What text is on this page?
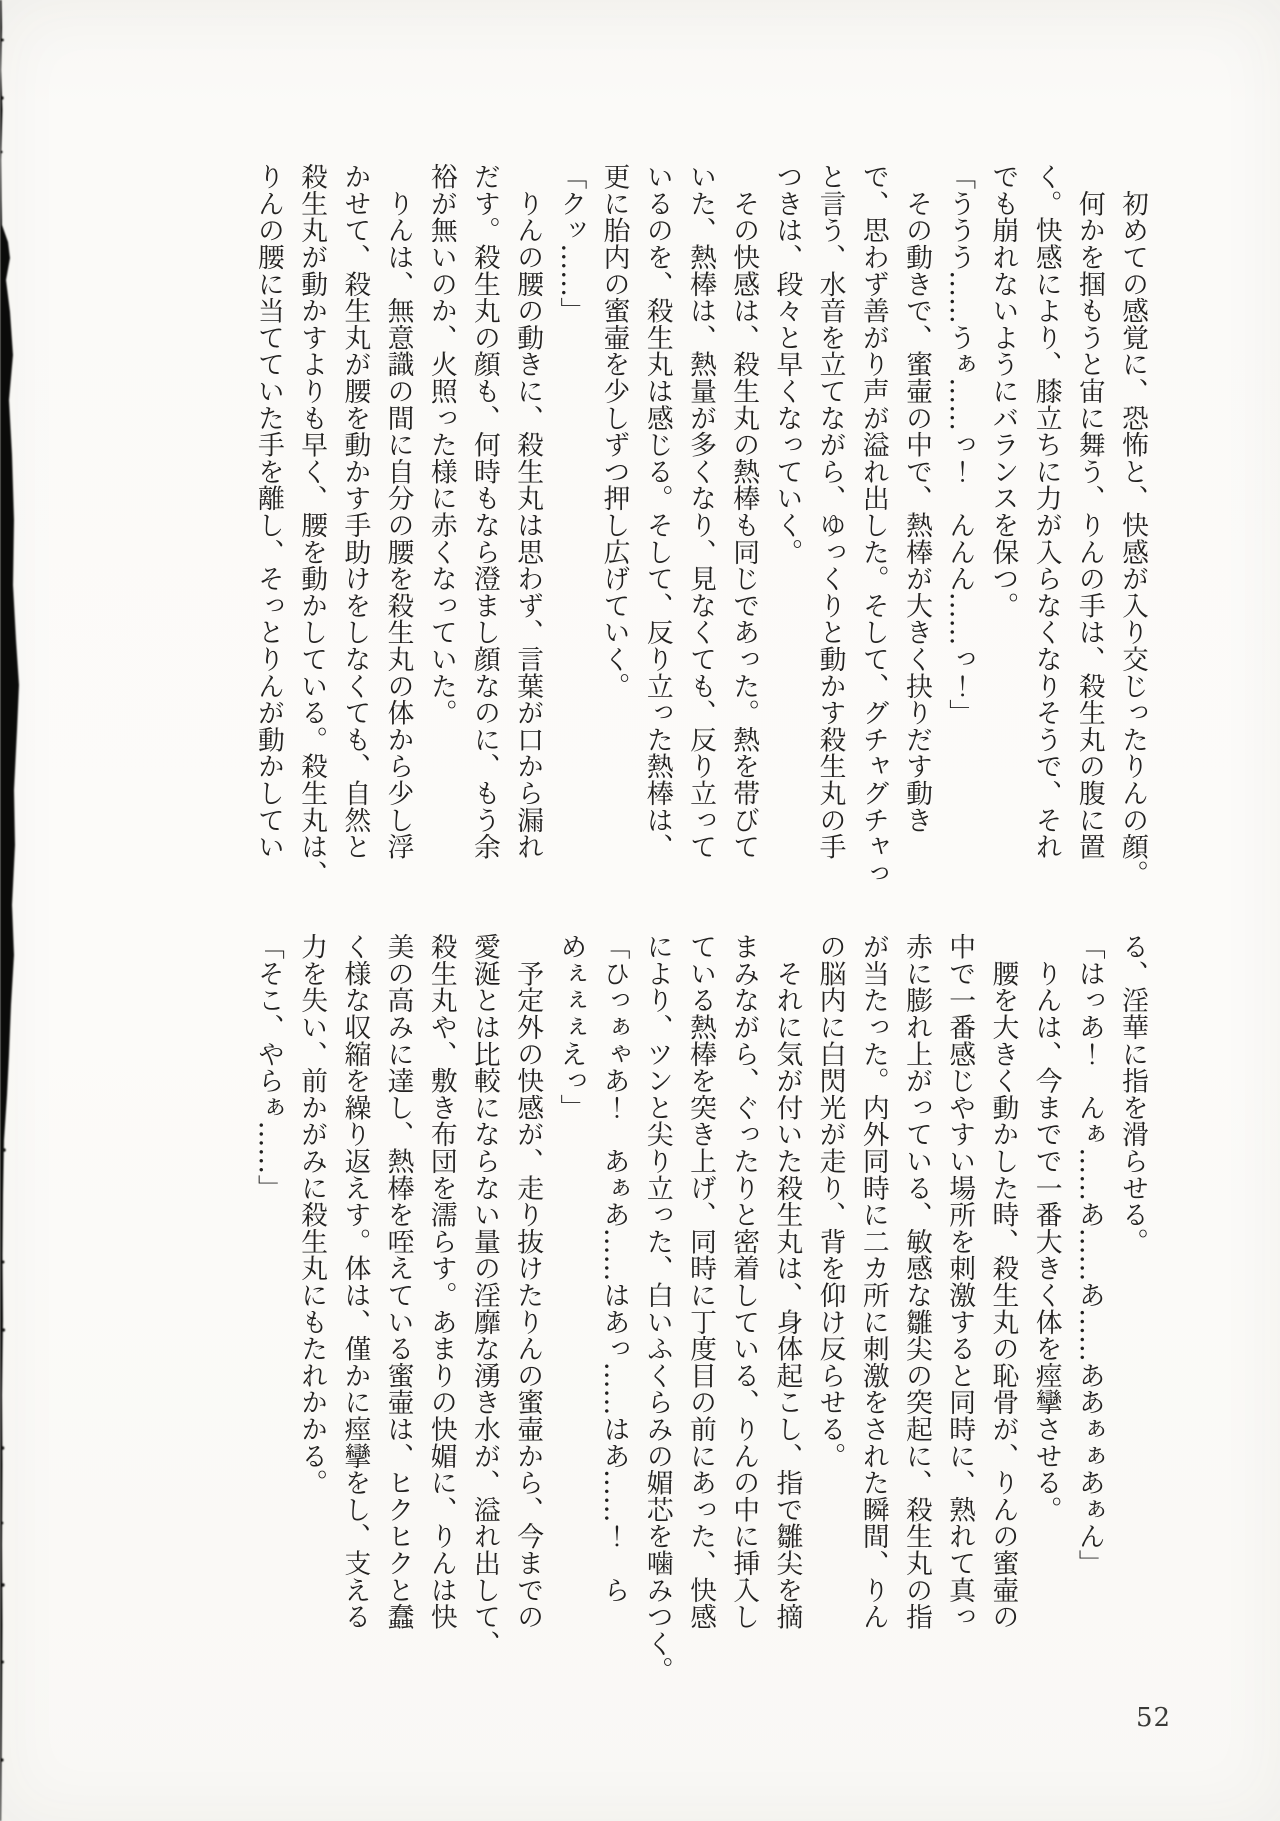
　初めての感覚に、恐怖と、快感が入り交じったりんの顔。

　何かを掴もうと宙に舞う、りんの手は、殺生丸の腹に置

く。快感により、膝立ちに力が入らなくなりそうで、それ

でも崩れないようにバランスを保つ。

「ううう……うぁ……っ！　んんん……っ！」

　その動きで、蜜壷の中で、熱棒が大きく抉りだす動き

で、思わず善がり声が溢れ出した。そして、グチャグチャっ

と言う、水音を立てながら、ゆっくりと動かす殺生丸の手

つきは、段々と早くなっていく。

　その快感は、殺生丸の熱棒も同じであった。熱を帯びて

いた、熱棒は、熱量が多くなり、見なくても、反り立って

いるのを、殺生丸は感じる。そして、反り立った熱棒は、

更に胎内の蜜壷を少しずつ押し広げていく。

「クッ……」

　りんの腰の動きに、殺生丸は思わず、言葉が口から漏れ

だす。殺生丸の顔も、何時もなら澄まし顔なのに、もう余

裕が無いのか、火照った様に赤くなっていた。

　りんは、無意識の間に自分の腰を殺生丸の体から少し浮

かせて、殺生丸が腰を動かす手助けをしなくても、自然と

殺生丸が動かすよりも早く、腰を動かしている。殺生丸は、

りんの腰に当てていた手を離し、そっとりんが動かしてい

る、淫華に指を滑らせる。

「はっあ！　んぁ……あ……あ……ああぁぁあぁん」

　りんは、今までで一番大きく体を痙攣させる。

　腰を大きく動かした時、殺生丸の恥骨が、りんの蜜壷の

中で一番感じやすい場所を刺激すると同時に、熟れて真っ

赤に膨れ上がっている、敏感な雛尖の突起に、殺生丸の指

が当たった。内外同時に二カ所に刺激をされた瞬間、りん

の脳内に白閃光が走り、背を仰け反らせる。

　それに気が付いた殺生丸は、身体起こし、指で雛尖を摘

まみながら、ぐったりと密着している、りんの中に挿入し

ている熱棒を突き上げ、同時に丁度目の前にあった、快感

により、ツンと尖り立った、白いふくらみの媚芯を噛みつく。

「ひっぁゃあ！　あぁあ……はあっ……はあ……！　ら

めぇぇぇえっ」

　予定外の快感が、走り抜けたりんの蜜壷から、今までの

愛涎とは比較にならない量の淫靡な湧き水が、溢れ出して、

殺生丸や、敷き布団を濡らす。あまりの快媚に、りんは快

美の高みに達し、熱棒を咥えている蜜壷は、ヒクヒクと蠢

く様な収縮を繰り返えす。体は、僅かに痙攣をし、支える

力を失い、前かがみに殺生丸にもたれかかる。

「そこ、やらぁ……」

52
